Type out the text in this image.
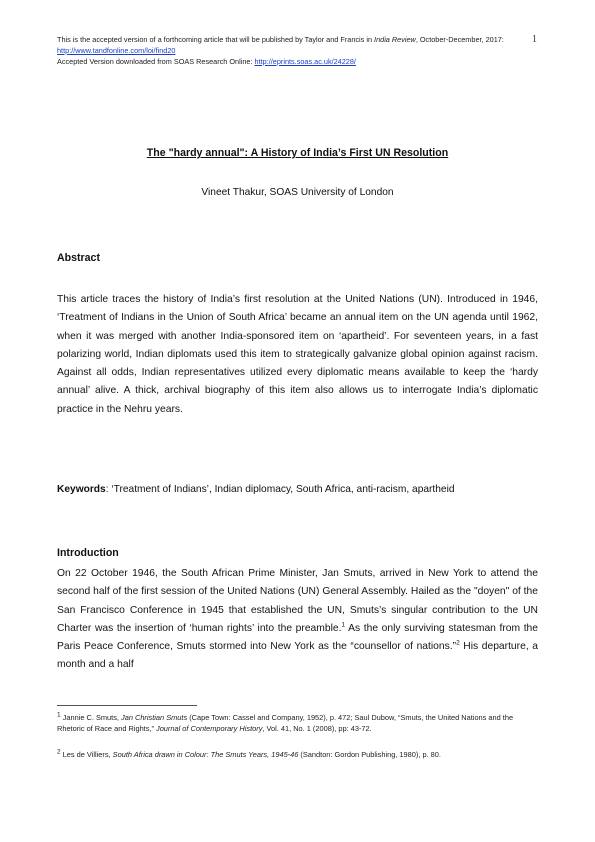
This is the accepted version of a forthcoming article that will be published by Taylor and Francis in India Review, October-December, 2017: http://www.tandfonline.com/loi/find20
Accepted Version downloaded from SOAS Research Online: http://eprints.soas.ac.uk/24228/
1
The "hardy annual": A History of India’s First UN Resolution
Vineet Thakur, SOAS University of London
Abstract
This article traces the history of India’s first resolution at the United Nations (UN). Introduced in 1946, ‘Treatment of Indians in the Union of South Africa’ became an annual item on the UN agenda until 1962, when it was merged with another India-sponsored item on ‘apartheid’. For seventeen years, in a fast polarizing world, Indian diplomats used this item to strategically galvanize global opinion against racism. Against all odds, Indian representatives utilized every diplomatic means available to keep the ‘hardy annual’ alive. A thick, archival biography of this item also allows us to interrogate India’s diplomatic practice in the Nehru years.
Keywords: ‘Treatment of Indians’, Indian diplomacy, South Africa, anti-racism, apartheid
Introduction
On 22 October 1946, the South African Prime Minister, Jan Smuts, arrived in New York to attend the second half of the first session of the United Nations (UN) General Assembly. Hailed as the "doyen" of the San Francisco Conference in 1945 that established the UN, Smuts’s singular contribution to the UN Charter was the insertion of ‘human rights’ into the preamble.$^1$ As the only surviving statesman from the Paris Peace Conference, Smuts stormed into New York as the “counsellor of nations.”$^2$ His departure, a month and a half
$^1$ Jannie C. Smuts, Jan Christian Smuts (Cape Town: Cassel and Company, 1952), p. 472; Saul Dubow, “Smuts, the United Nations and the Rhetoric of Race and Rights,” Journal of Contemporary History, Vol. 41, No. 1 (2008), pp: 43-72.
$^2$ Les de Villiers, South Africa drawn in Colour: The Smuts Years, 1945-46 (Sandton: Gordon Publishing, 1980), p. 80.
